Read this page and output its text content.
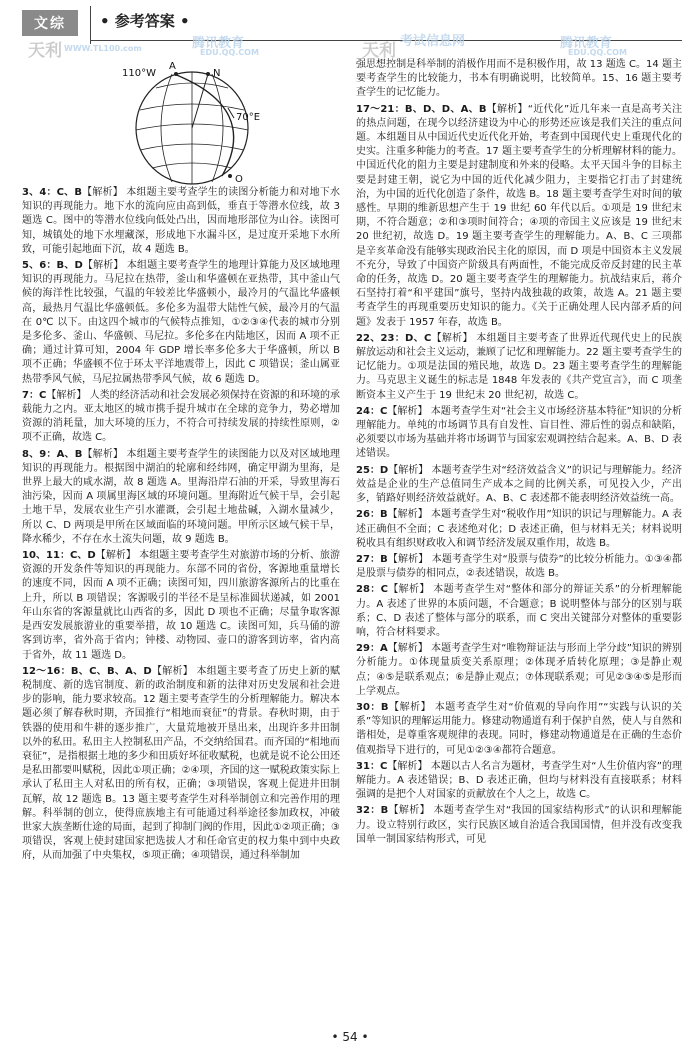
文综	• 参考答案 •
天利 WWW.TL100.com	腾讯教育
EDU.QQ.COM	天利 考试信息网	腾讯教育
EDU.QQ.COM
110°W
A
N
70°E
O

3、4：C、B【解析】 本组题主要考查学生的读图分析能力和对地下水知识的再现能力。地下水的流向应由高到低，垂直于等潜水位线，故 3 题选 C。图中的等潜水位线向低处凸出，因而地形部位为山谷。读图可知，城镇处的地下水埋藏深，形成地下水漏斗区，是过度开采地下水所致，可能引起地面下沉，故 4 题选 B。

5、6：B、D【解析】 本组题主要考查学生的地理计算能力及区域地理知识的再现能力。马尼拉在热带，釜山和华盛顿在亚热带，其中釜山气候的海洋性比较强，气温的年较差比华盛顿小，最冷月的气温比华盛顿高，最热月气温比华盛顿低。多伦多为温带大陆性气候，最冷月的气温在 0℃ 以下。由这四个城市的气候特点推知，①②③④代表的城市分别是多伦多、釜山、华盛顿、马尼拉。多伦多在内陆地区，因而 A 项不正确；通过计算可知，2004 年 GDP 增长率多伦多大于华盛顿，所以 B 项不正确；华盛顿不位于环太平洋地震带上，因此 C 项错误；釜山属亚热带季风气候，马尼拉属热带季风气候，故 6 题选 D。

7：C【解析】 人类的经济活动和社会发展必须保持在资源的和环境的承载能力之内。亚太地区的城市携手提升城市在全球的竞争力，势必增加资源的消耗量，加大环境的压力，不符合可持续发展的持续性原则，②项不正确，故选 C。

8、9：A、B【解析】 本组题主要考查学生的读图能力以及对区域地理知识的再现能力。根据图中湖泊的轮廓和经纬网，确定甲湖为里海，是世界上最大的咸水湖，故 8 题选 A。里海沿岸石油的开采，导致里海石油污染，因而 A 项属里海区域的环境问题。里海附近气候干旱，会引起土地干旱，发展农业生产引水灌溉，会引起土地盐碱，入湖水量减少，所以 C、D 两项是甲所在区域面临的环境问题。甲所示区域气候干旱，降水稀少，不存在水土流失问题，故 9 题选 B。

10、11：C、D【解析】 本组题主要考查学生对旅游市场的分析、旅游资源的开发条件等知识的再现能力。东部不同的省份，客源地重量增长的速度不同，因而 A 项不正确；读图可知，四川旅游客源所占的比重在上升，所以 B 项错误；客源吸引的半径不是呈标准圆状递减，如 2001 年山东省的客源量就比山西省的多，因此 D 项也不正确；尽量争取客源是西安发展旅游业的重要举措，故 10 题选 C。读图可知，兵马俑的游客到访率，省外高于省内；钟楼、动物园、壶口的游客到访率，省内高于省外，故 11 题选 D。

12～16：B、C、B、A、D【解析】 本组题主要考查了历史上新的赋税制度、新的选官制度、新的政治制度和新的法律对历史发展和社会进步的影响，能力要求较高。12 题主要考查学生的分析理解能力。解决本题必须了解春秋时期，齐国推行“相地而衰征”的背景。春秋时期，由于铁器的使用和牛耕的逐步推广，大量荒地被开垦出来，出现许多井田制以外的私田。私田主人控制私田产品，不交纳给国君。而齐国的“相地而衰征”，是指根据土地的多少和田质好坏征收赋税，也就是说不论公田还是私田都要叫赋税，因此①项正确；②④项，齐国的这一赋税政策实际上承认了私田主人对私田的所有权，正确；③项错误，客观上促进井田制瓦解，故 12 题选 B。13 题主要考查学生对科举制创立和完善作用的理解。科举制的创立，使得庶族地主有可能通过科举途径参加政权，冲破世家大族垄断仕途的局面，起到了抑制门阀的作用，因此①②项正确；③项错误，客观上使封建国家把选拔人才和任命官吏的权力集中到中央政府，从而加强了中央集权，⑤项正确；④项错误，通过科举制加

强思想控制是科举制的消极作用而不是积极作用，故 13 题选 C。14 题主要考查学生的比较能力，书本有明确说明，比较简单。15、16 题主要考查学生的记忆能力。

17～21：B、D、D、A、B【解析】“近代化”近几年来一直是高考关注的热点问题，在现今以经济建设为中心的形势还应该是我们关注的重点问题。本组题目从中国近代史近代化开始，考查到中国现代史上重现代化的史实。注重多种能力的考查。17 题主要考查学生的分析理解材料的能力。中国近代化的阻力主要是封建制度和外来的侵略。太平天国斗争的目标主要是封建王朝，说它为中国的近代化减少阻力，主要指它打击了封建统治，为中国的近代化创造了条件，故选 B。18 题主要考查学生对时间的敏感性。早期的维新思想产生于 19 世纪 60 年代以后。①项是 19 世纪末期，不符合题意；②和③项时间符合；④项的帝国主义应该是 19 世纪末 20 世纪初，故选 D。19 题主要考查学生的理解能力。A、B、C 三项都是辛亥革命没有能够实现政治民主化的原因，而 D 项是中国资本主义发展不充分，导致了中国资产阶级具有两面性，不能完成反帝反封建的民主革命的任务，故选 D。20 题主要考查学生的理解能力。抗战结束后，蒋介石坚持打着“和平建国”旗号，坚持内战独裁的政策，故选 A。21 题主要考查学生的再现重要历史知识的能力。《关于正确处理人民内部矛盾的问题》发表于 1957 年春，故选 B。

22、23：D、C【解析】 本组题目主要考查了世界近代现代史上的民族解放运动和社会主义运动，兼顾了记忆和理解能力。22 题主要考查学生的记忆能力。①项是法国的殖民地，故选 D。23 题主要考查学生的理解能力。马克思主义诞生的标志是 1848 年发表的《共产党宣言》，而 C 项垄断资本主义产生于 19 世纪末 20 世纪初，故选 C。

24：C【解析】 本题考查学生对“社会主义市场经济基本特征”知识的分析理解能力。单纯的市场调节具有自发性、盲目性、滞后性的弱点和缺陷，必须要以市场为基础并将市场调节与国家宏观调控结合起来。A、B、D 表述错误。

25：D【解析】 本题考查学生对“经济效益含义”的识记与理解能力。经济效益是企业的生产总值同生产成本之间的比例关系，可见投入少，产出多，销路好则经济效益就好。A、B、C 表述都不能表明经济效益统一高。

26：B【解析】 本题考查学生对“税收作用”知识的识记与理解能力。A 表述正确但不全面；C 表述绝对化；D 表述正确，但与材料无关；材料说明税收具有组织财政收入和调节经济发展双重作用，故选 B。

27：B【解析】 本题考查学生对“股票与债券”的比较分析能力。①③④都是股票与债券的相同点，②表述错误，故选 B。

28：C【解析】 本题考查学生对“整体和部分的辩证关系”的分析理解能力。A 表述了世界的本质问题，不合题意；B 说明整体与部分的区别与联系；C、D 表述了整体与部分的联系，而 C 突出关键部分对整体的重要影响，符合材料要求。

29：A【解析】 本题考查学生对“唯物辩证法与形而上学分歧”知识的辨别分析能力。①体现量质变关系原理；②体现矛盾转化原理；③是静止观点；④⑤是联系观点；⑥是静止观点；⑦体现联系观；可见②③④⑤是形而上学观点。

30：B【解析】 本题考查学生对“价值观的导向作用”“实践与认识的关系”等知识的理解运用能力。修建动物通道有利于保护自然，使人与自然和谐相处，是尊重客观规律的表现。同时，修建动物通道是在正确的生态价值观指导下进行的，可见①②③④都符合题意。

31：C【解析】 本题以古人名言为题材，考查学生对“人生价值内容”的理解能力。A 表述错误；B、D 表述正确，但均与材料没有直接联系；材料强调的是把个人对国家的贡献放在个人之上，故选 C。

32：B【解析】 本题考查学生对“我国的国家结构形式”的认识和理解能力。设立特别行政区，实行民族区域自治适合我国国情，但并没有改变我国单一制国家结构形式，可见

• 54 •
